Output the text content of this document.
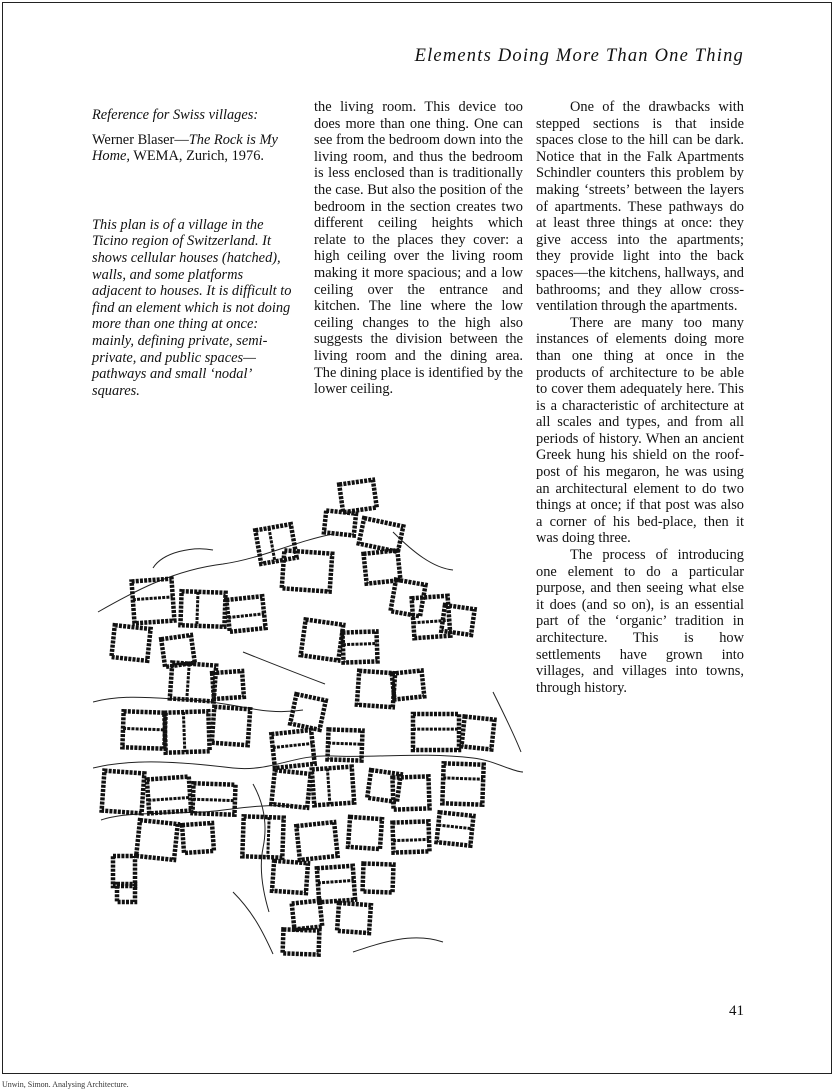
Elements Doing More Than One Thing

Reference for Swiss villages:

Werner Blaser—The Rock is My Home, WEMA, Zurich, 1976.

This plan is of a village in the Ticino region of Switzerland. It shows cellular houses (hatched), walls, and some platforms adjacent to houses. It is difficult to find an element which is not doing more than one thing at once: mainly, defining private, semi-private, and public spaces—pathways and small ‘nodal’ squares.

the living room. This device too does more than one thing. One can see from the bedroom down into the living room, and thus the bedroom is less enclosed than is traditionally the case. But also the position of the bedroom in the section creates two different ceiling heights which relate to the places they cover: a high ceiling over the living room making it more spacious; and a low ceiling over the entrance and kitchen. The line where the low ceiling changes to the high also suggests the division between the living room and the dining area. The dining place is identified by the lower ceiling.

One of the drawbacks with stepped sections is that inside spaces close to the hill can be dark. Notice that in the Falk Apartments Schindler counters this problem by making ‘streets’ between the layers of apartments. These pathways do at least three things at once: they give access into the apartments; they provide light into the back spaces—the kitchens, hallways, and bathrooms; and they allow cross-ventilation through the apartments.

There are many too many instances of elements doing more than one thing at once in the products of architecture to be able to cover them adequately here. This is a characteristic of architecture at all scales and types, and from all periods of history. When an ancient Greek hung his shield on the roof-post of his megaron, he was using an architectural element to do two things at once; if that post was also a corner of his bed-place, then it was doing three.

The process of introducing one element to do a particular purpose, and then seeing what else it does (and so on), is an essential part of the ‘organic’ tradition in architecture. This is how settlements have grown into villages, and villages into towns, through history.

41
Unwin, Simon. Analysing Architecture.
